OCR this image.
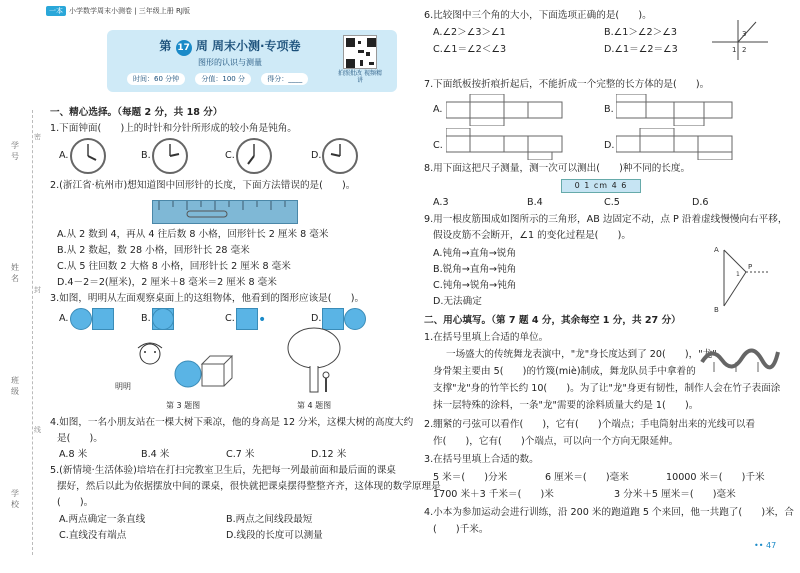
一本 小学数学周末小测卷 | 三年级上册 RJ版
第 17 周 周末小测·专项卷
图形的认识与测量
时间：60 分钟	分值：100 分	得分：____
拍照批改 视频精讲
学号
姓名
班级
学校
密
封
线
一、精心选择。（每题 2 分，共 18 分）
1.下面钟面(　　)上的时针和分针所形成的较小角是钝角。
A.	B.	C.	D.
2.(浙江省·杭州市)想知道图中回形针的长度，下面方法错误的是(　　)。
A.从 2 数到 4，再从 4 往后数 8 小格，回形针长 2 厘米 8 毫米
B.从 2 数起，数 28 小格，回形针长 28 毫米
C.从 5 往回数 2 大格 8 小格，回形针长 2 厘米 8 毫米
D.4－2＝2(厘米)，2 厘米＋8 毫米＝2 厘米 8 毫米
3.如图，明明从左面观察桌面上的这组物体，他看到的图形应该是(　　)。
A.	B.	C. •	D.
明明
第 3 题图	第 4 题图
4.如图，一名小朋友站在一棵大树下乘凉，他的身高是 12 分米，这棵大树的高度大约
是(　　)。
A.8 米	B.4 米	C.7 米	D.12 米
5.(新情境·生活体验)培培在打扫完教室卫生后，先把每一列最前面和最后面的课桌
摆好，然后以此为依据摆放中间的课桌，很快就把课桌摆得整整齐齐，这体现的数学原理是
(　　)。
A.两点确定一条直线	B.两点之间线段最短
C.直线没有端点	D.线段的长度可以测量
6.比较图中三个角的大小，下面选项正确的是(　　)。
A.∠2＞∠3＞∠1	B.∠1＞∠2＞∠3
C.∠1＝∠2＜∠3	D.∠1＝∠2＝∠3
3
1 2
7.下面纸板按折痕折起后，不能折成一个完整的长方体的是(　　)。
A.	B.
C.	D.
8.用下面这把尺子测量，测一次可以测出(　　)种不同的长度。
0 1 cm 4 6
A.3	B.4	C.5	D.6
9.用一根皮筋围成如图所示的三角形，AB 边固定不动，点 P 沿着虚线慢慢向右平移，
假设皮筋不会断开，∠1 的变化过程是(　　)。
A.钝角→直角→锐角
B.锐角→直角→钝角
C.钝角→锐角→钝角
D.无法确定
A
B
P
1
二、用心填写。（第 7 题 4 分，其余每空 1 分，共 27 分）
1.在括号里填上合适的单位。
一场盛大的传统舞龙表演中，"龙"身长度达到了 20(　　)，"龙"
身骨架主要由 5(　　)的竹篾(miè)制成，舞龙队员手中拿着的
支撑"龙"身的竹竿长约 10(　　)。为了让"龙"身更有韧性，制作人会在竹子表面涂
抹一层特殊的涂料，一条"龙"需要的涂料质量大约是 1(　　)。
2.绷紧的弓弦可以看作(　　)，它有(　　)个端点；手电筒射出来的光线可以看
作(　　)，它有(　　)个端点，可以向一个方向无限延伸。
3.在括号里填上合适的数。
5 米＝(　　)分米	6 厘米＝(　　)毫米	10000 米＝(　　)千米
1700 米＋3 千米＝(　　)米	3 分米＋5 厘米＝(　　)毫米
4.小本为参加运动会进行训练，沿 200 米的跑道跑 5 个来回，他一共跑了(　　)米，合
(　　)千米。
•• 47
